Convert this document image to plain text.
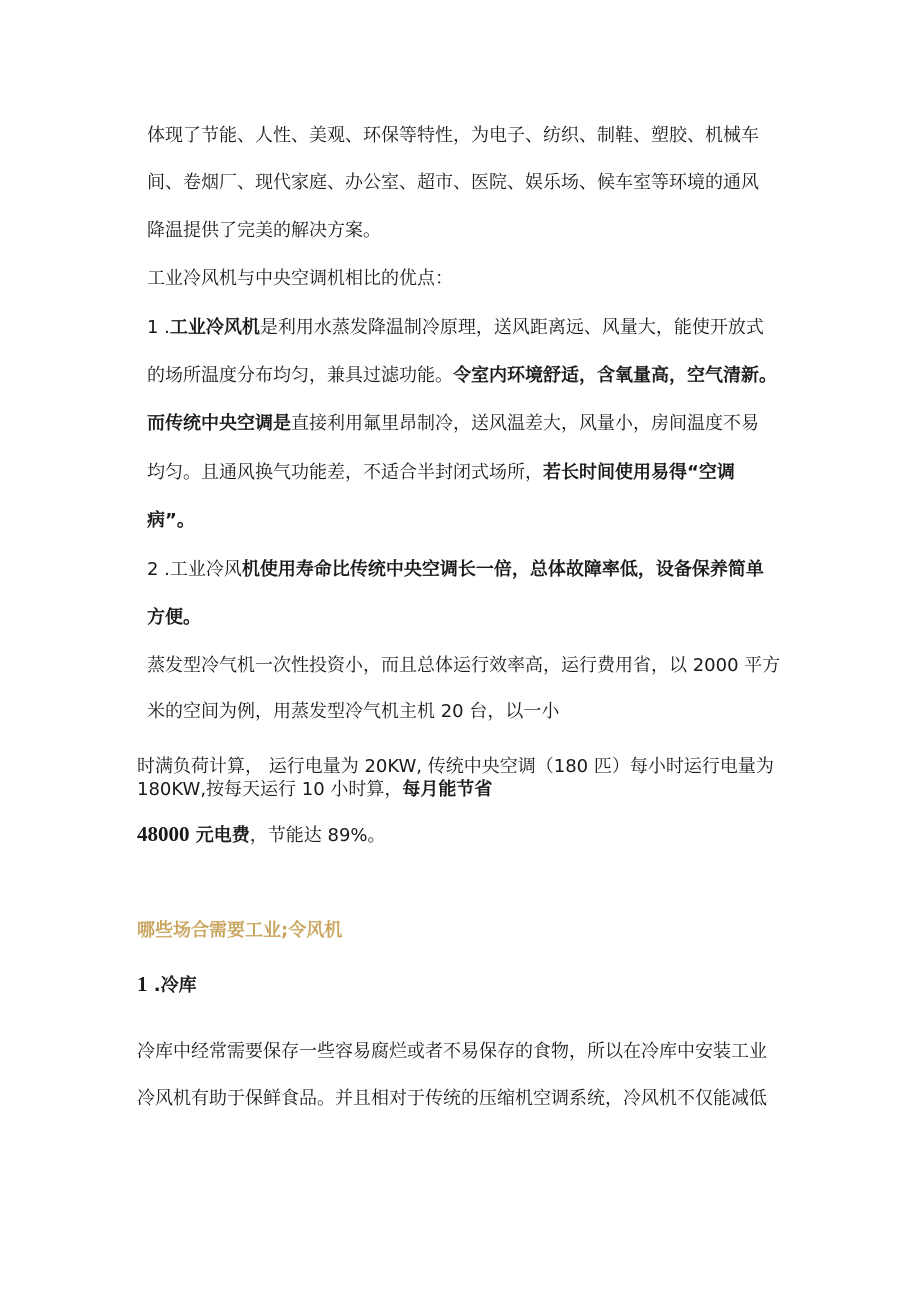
体现了节能、人性、美观、环保等特性，为电子、纺织、制鞋、塑胶、机械车
间、卷烟厂、现代家庭、办公室、超市、医院、娱乐场、候车室等环境的通风
降温提供了完美的解决方案。
工业冷风机与中央空调机相比的优点：
1 .工业冷风机是利用水蒸发降温制冷原理，送风距离远、风量大，能使开放式
的场所温度分布均匀，兼具过滤功能。令室内环境舒适，含氧量高，空气清新。
而传统中央空调是直接利用氟里昂制冷，送风温差大，风量小，房间温度不易
均匀。且通风换气功能差，不适合半封闭式场所，若长时间使用易得“空调
病”。
2 .工业冷风机使用寿命比传统中央空调长一倍，总体故障率低，设备保养简单
方便。
蒸发型冷气机一次性投资小，而且总体运行效率高，运行费用省，以 2000 平方
米的空间为例，用蒸发型冷气机主机 20 台，以一小
时满负荷计算， 运行电量为 20KW, 传统中央空调（180 匹）每小时运行电量为
180KW,按每天运行 10 小时算，每月能节省
48000 元电费，节能达 89%。
哪些场合需要工业;令风机
1 .冷库
冷库中经常需要保存一些容易腐烂或者不易保存的食物，所以在冷库中安装工业
冷风机有助于保鲜食品。并且相对于传统的压缩机空调系统，冷风机不仅能减低
